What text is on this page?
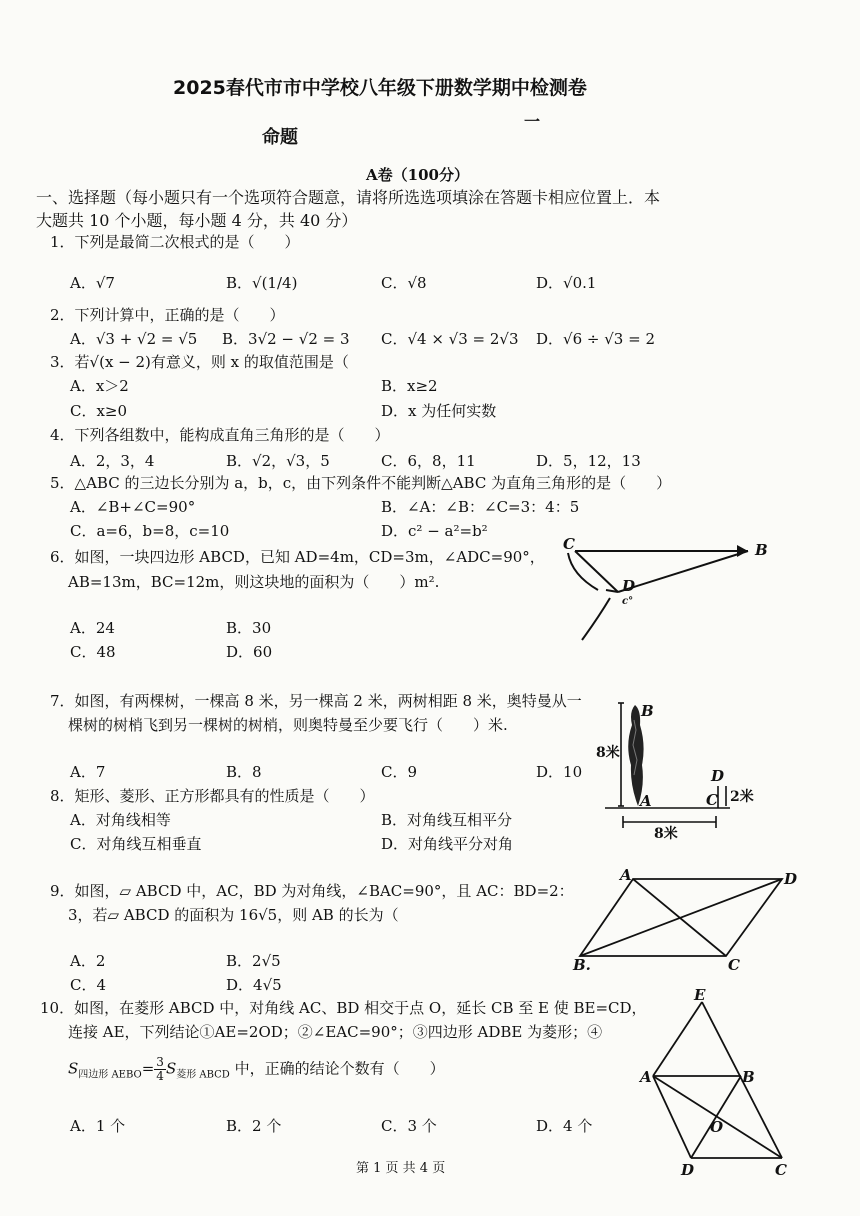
2025春代市市中学校八年级下册数学期中检测卷
命题
一
A卷（100分）
一、选择题（每小题只有一个选项符合题意，请将所选选项填涂在答题卡相应位置上．本
大题共 10 个小题，每小题 4 分，共 40 分）
1．下列是最简二次根式的是（　　）
A．√7	B．√(1/4)	C．√8	D．√0.1
2．下列计算中，正确的是（　　）
A．√3 + √2 = √5 B．3√2 − √2 = 3 C．√4 × √3 = 2√3 D．√6 ÷ √3 = 2
3．若√(x − 2)有意义，则 x 的取值范围是（
A．x＞2	B．x≥2
C．x≥0	D．x 为任何实数
4．下列各组数中，能构成直角三角形的是（　　）
A．2，3，4	B．√2，√3，5	C．6，8，11	D．5，12，13
5．△ABC 的三边长分别为 a，b，c，由下列条件不能判断△ABC 为直角三角形的是（　　）
A．∠B+∠C=90°	B．∠A：∠B：∠C=3：4：5
C．a=6，b=8，c=10	D．c² − a²=b²
6．如图，一块四边形 ABCD，已知 AD=4m，CD=3m，∠ADC=90°，
AB=13m，BC=12m，则这块地的面积为（　　）m².
A．24	B．30
C．48	D．60
C	B
D
c°
7．如图，有两棵树，一棵高 8 米，另一棵高 2 米，两树相距 8 米，奥特曼从一
棵树的树梢飞到另一棵树的树梢，则奥特曼至少要飞行（　　）米.
A．7	B．8	C．9	D．10
B
A
D
C
8米
2米
8米
8．矩形、菱形、正方形都具有的性质是（　　）
A．对角线相等	B．对角线互相平分
C．对角线互相垂直	D．对角线平分对角
9．如图，▱ ABCD 中，AC，BD 为对角线，∠BAC=90°，且 AC：BD=2：
3，若▱ ABCD 的面积为 16√5，则 AB 的长为（
A．2	B．2√5
C．4	D．4√5
A	D
B.	C
10．如图，在菱形 ABCD 中，对角线 AC、BD 相交于点 O，延长 CB 至 E 使 BE=CD，
连接 AE，下列结论①AE=2OD；②∠EAC=90°；③四边形 ADBE 为菱形；④
$S_{四边形 AEBO}= \frac{3}{4} S_{菱形 ABCD}$ 中，正确的结论个数有（　　）
A．1 个	B．2 个	C．3 个	D．4 个
E
A	B
O
D	C
第 1 页 共 4 页
